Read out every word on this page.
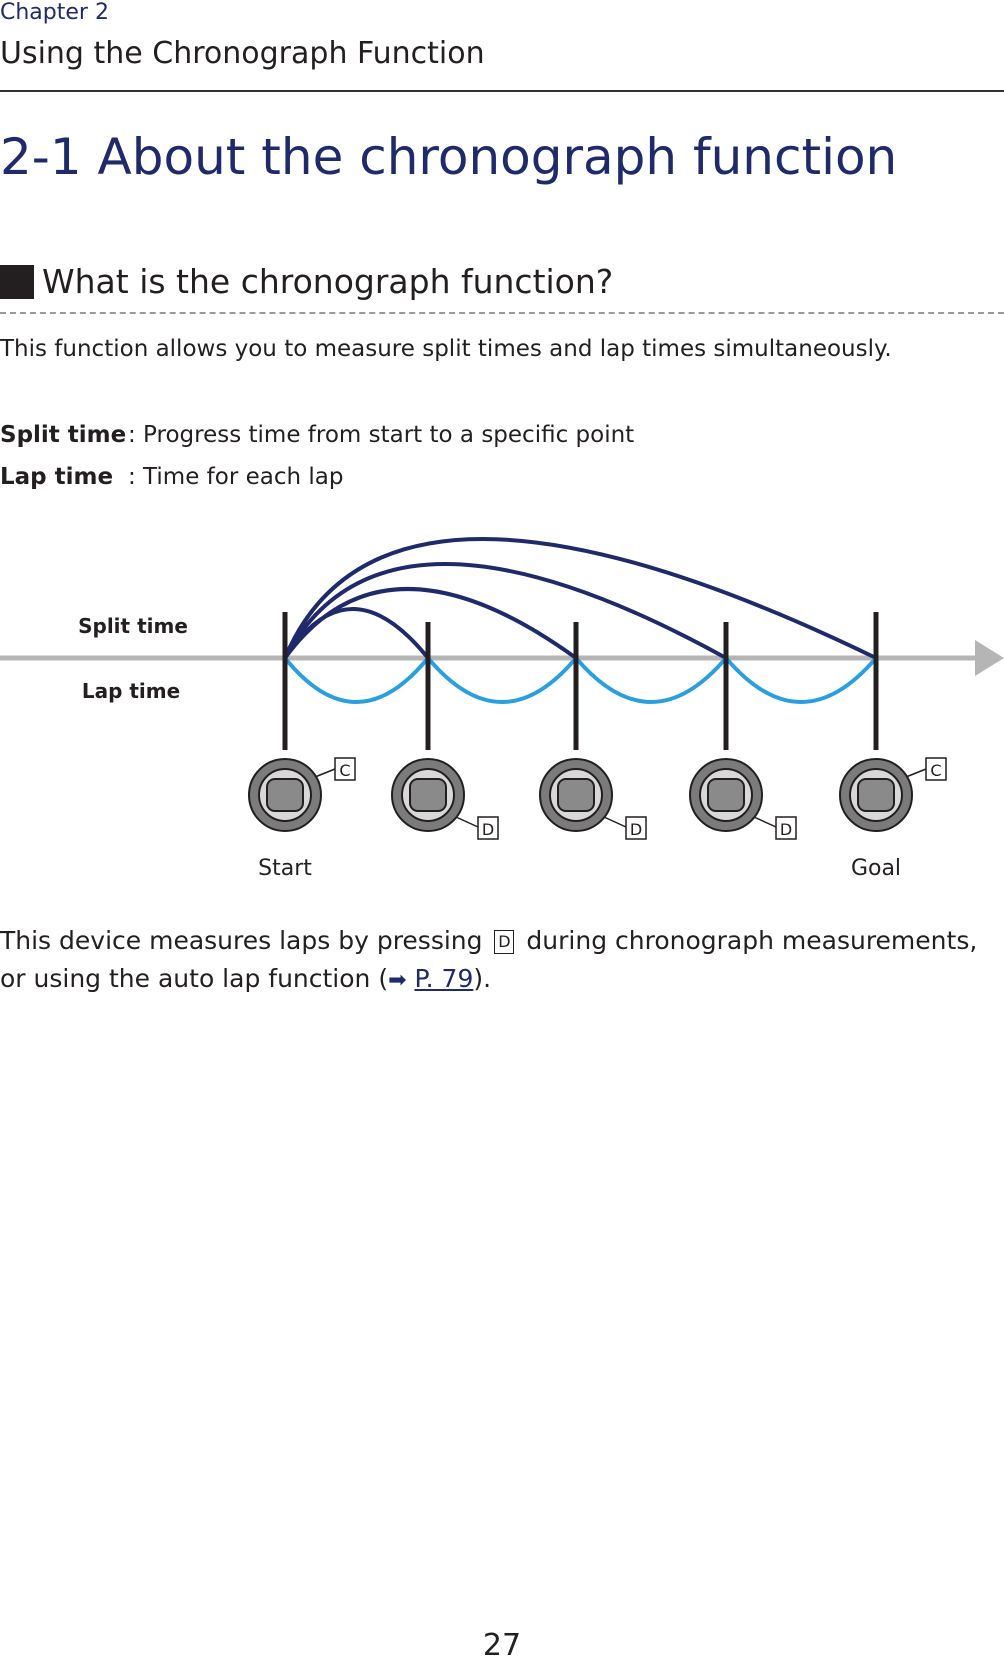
Chapter 2
Using the Chronograph Function
2-1 About the chronograph function
What is the chronograph function?
This function allows you to measure split times and lap times simultaneously.
Split time : Progress time from start to a specific point
Lap time : Time for each lap
Split time
Lap time
C
D	D	D
C
Start	Goal
This device measures laps by pressing D during chronograph measurements, or using the auto lap function (➡ P. 79).
27
